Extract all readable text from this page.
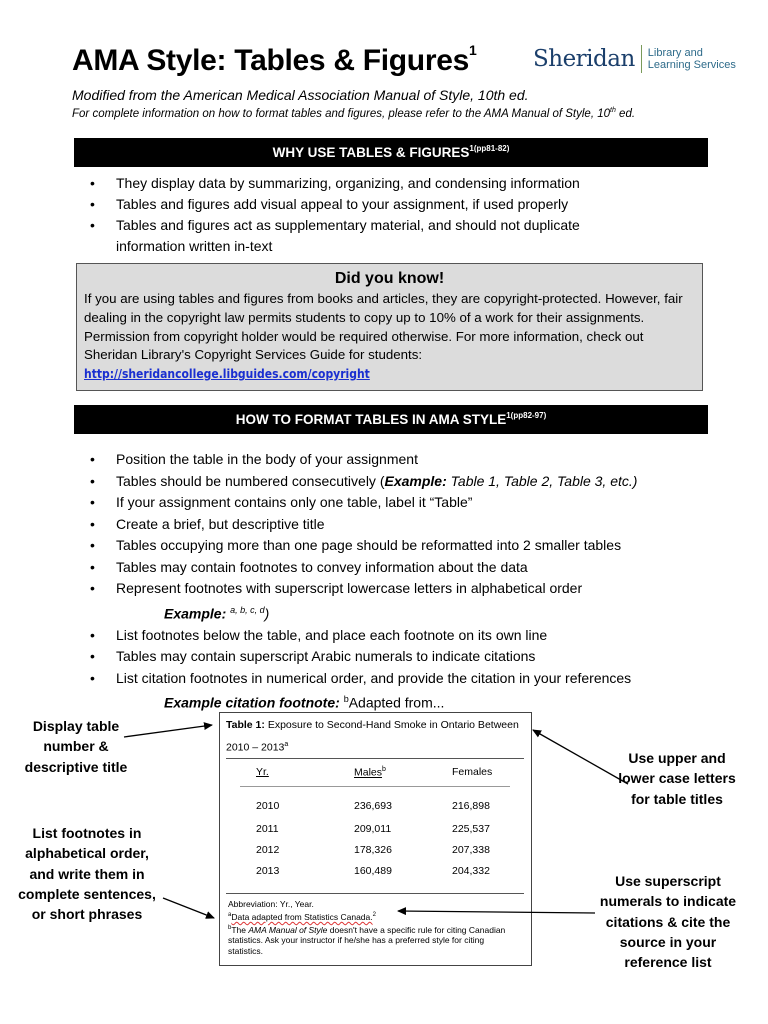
AMA Style: Tables & Figures$^1$ Sheridan Library and
Learning Services
Modified from the American Medical Association Manual of Style, 10th ed.
For complete information on how to format tables and figures, please refer to the AMA Manual of Style, 10th ed.
WHY USE TABLES & $FIGURES^{1(pp81-82)}$
• They display data by summarizing, organizing, and condensing information
• Tables and figures add visual appeal to your assignment, if used properly
• Tables and figures act as supplementary material, and should not duplicate information written in-text
Did you know!
If you are using tables and figures from books and articles, they are copyright-protected. However, fair dealing in the copyright law permits students to copy up to 10% of a work for their assignments. Permission from copyright holder would be required otherwise. For more information, check out Sheridan Library's Copyright Services Guide for students:
http://sheridancollege.libguides.com/copyright
HOW TO FORMAT TABLES IN AMA $STYLE^{1(pp82-97)}$
• Position the table in the body of your assignment
• Tables should be numbered consecutively (Example: Table 1, Table 2, Table 3, etc.)
• If your assignment contains only one table, label it “Table”
• Create a brief, but descriptive title
• Tables occupying more than one page should be reformatted into 2 smaller tables
• Tables may contain footnotes to convey information about the data
• Represent footnotes with superscript lowercase letters in alphabetical order
Example: $^{a, b, c, d}$)
• List footnotes below the table, and place each footnote on its own line
• Tables may contain superscript Arabic numerals to indicate citations
• List citation footnotes in numerical order, and provide the citation in your references
Example citation footnote: $^b$Adapted from...
Table 1: Exposure to Second-Hand Smoke in Ontario Between
2010 – 2013$^a$
Yr.	Males$^b$	Females
2010	236,693	216,898
2011	209,011	225,537
2012	178,326	207,338
2013	160,489	204,332
Abbreviation: Yr., Year.
$^a$Data adapted from Statistics Canada.$^2$
$^b$The AMA Manual of Style doesn't have a specific rule for citing Canadian statistics. Ask your instructor if he/she has a preferred style for citing statistics.
Display table number & descriptive title
List footnotes in alphabetical order, and write them in complete sentences, or short phrases
Use upper and lower case letters for table titles
Use superscript numerals to indicate citations & cite the source in your reference list
